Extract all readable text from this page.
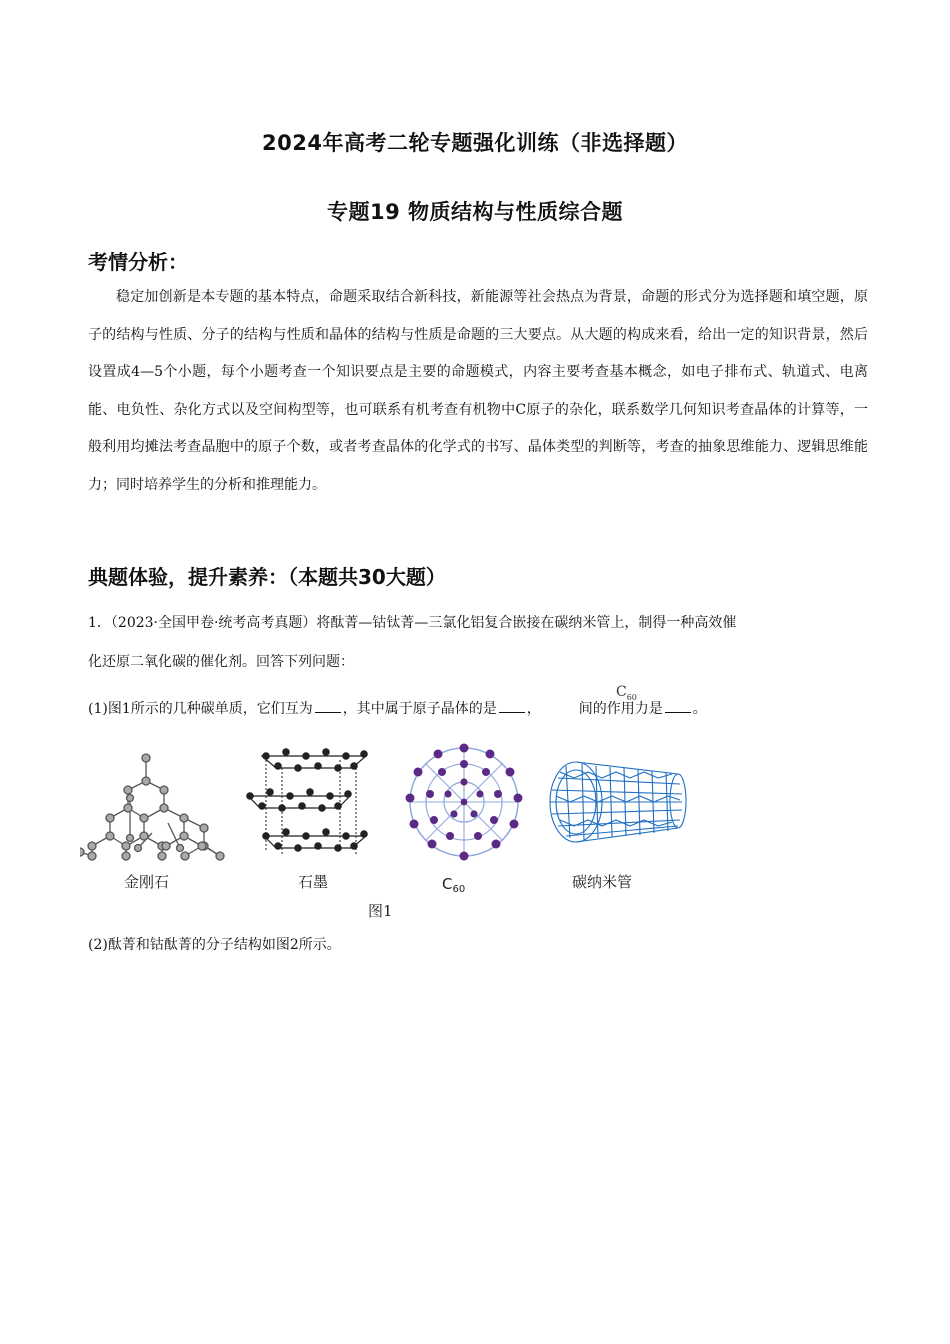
2024年高考二轮专题强化训练（非选择题）
专题19 物质结构与性质综合题
考情分析：
稳定加创新是本专题的基本特点，命题采取结合新科技，新能源等社会热点为背景，命题的形式分为选择题和填空题，原子的结构与性质、分子的结构与性质和晶体的结构与性质是命题的三大要点。从大题的构成来看，给出一定的知识背景，然后设置成4—5个小题，每个小题考查一个知识要点是主要的命题模式，内容主要考查基本概念，如电子排布式、轨道式、电离能、电负性、杂化方式以及空间构型等，也可联系有机考查有机物中C原子的杂化，联系数学几何知识考查晶体的计算等，一般利用均摊法考查晶胞中的原子个数，或者考查晶体的化学式的书写、晶体类型的判断等，考查的抽象思维能力、逻辑思维能力；同时培养学生的分析和推理能力。
典题体验，提升素养：（本题共30大题）
1．（2023·全国甲卷·统考高考真题）将酞菁—钴钛菁—三氯化铝复合嵌接在碳纳米管上，制得一种高效催
化还原二氧化碳的催化剂。回答下列问题：
(1)图1所示的几种碳单质，它们互为 ，其中属于原子晶体的是 ，	间的作用力是 。
$C_{60}$
金刚石	石墨	$C_{60}$	碳纳米管
图1
(2)酞菁和钴酞菁的分子结构如图2所示。
